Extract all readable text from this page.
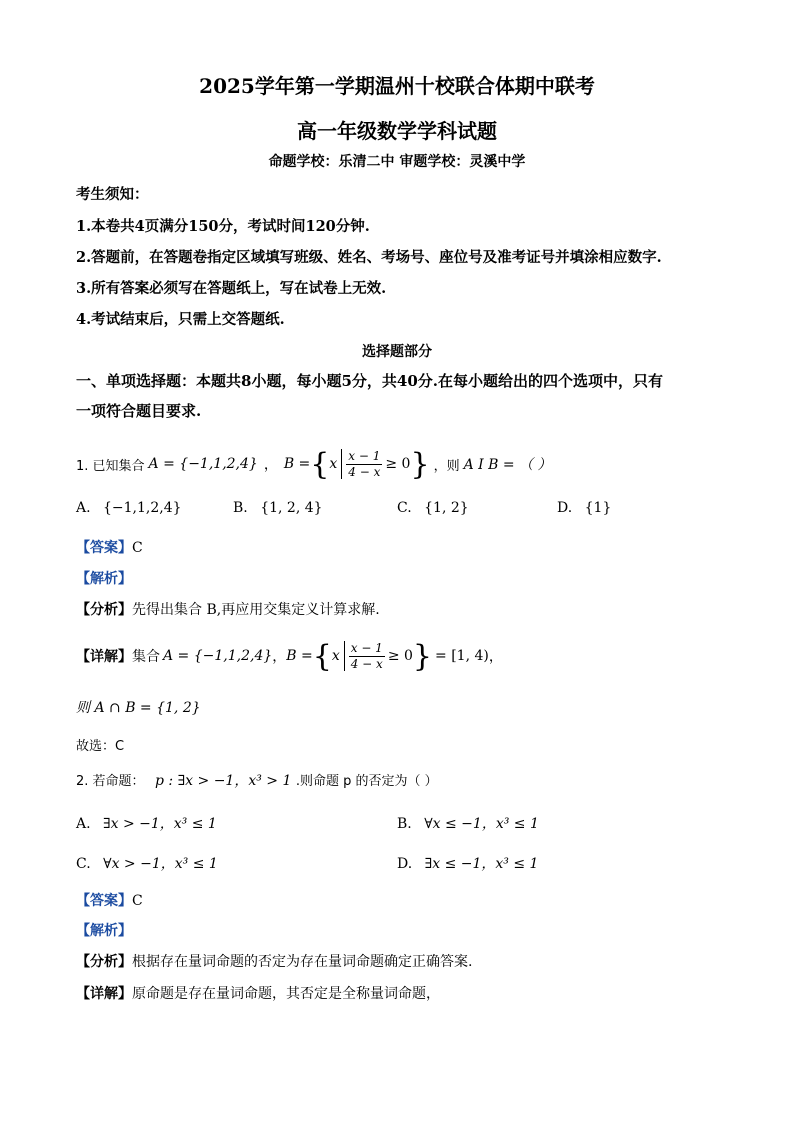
2025学年第一学期温州十校联合体期中联考
高一年级数学学科试题
命题学校：乐清二中 审题学校：灵溪中学
考生须知：
1.本卷共4页满分150分，考试时间120分钟.
2.答题前，在答题卷指定区域填写班级、姓名、考场号、座位号及准考证号并填涂相应数字.
3.所有答案必须写在答题纸上，写在试卷上无效.
4.考试结束后，只需上交答题纸.
选择题部分
一、单项选择题：本题共8小题，每小题5分，共40分.在每小题给出的四个选项中，只有
一项符合题目要求.
1. 已知集合 A = {−1,1,2,4} ， B = { x $\frac{x - 1}{4 - x} \ge 0$ } ，则 A I B = （ ）
A. {−1,1,2,4}	B. {1, 2, 4}	C. {1, 2}	D. {1}
【答案】C
【解析】
【分析】先得出集合 B,再应用交集定义计算求解.
【详解】 集合 A = {−1,1,2,4} ， B = { x $\frac{x - 1}{4 - x} \ge 0$ } = [1, 4) ，
则 A ∩ B = {1, 2}
故选：C
2. 若命题： p : ∃x > −1，x³ > 1 .则命题 p 的否定为（ ）
A. ∃x > −1，x³ ≤ 1	B. ∀x ≤ −1，x³ ≤ 1
C. ∀x > −1，x³ ≤ 1	D. ∃x ≤ −1，x³ ≤ 1
【答案】C
【解析】
【分析】根据存在量词命题的否定为存在量词命题确定正确答案.
【详解】原命题是存在量词命题，其否定是全称量词命题，
